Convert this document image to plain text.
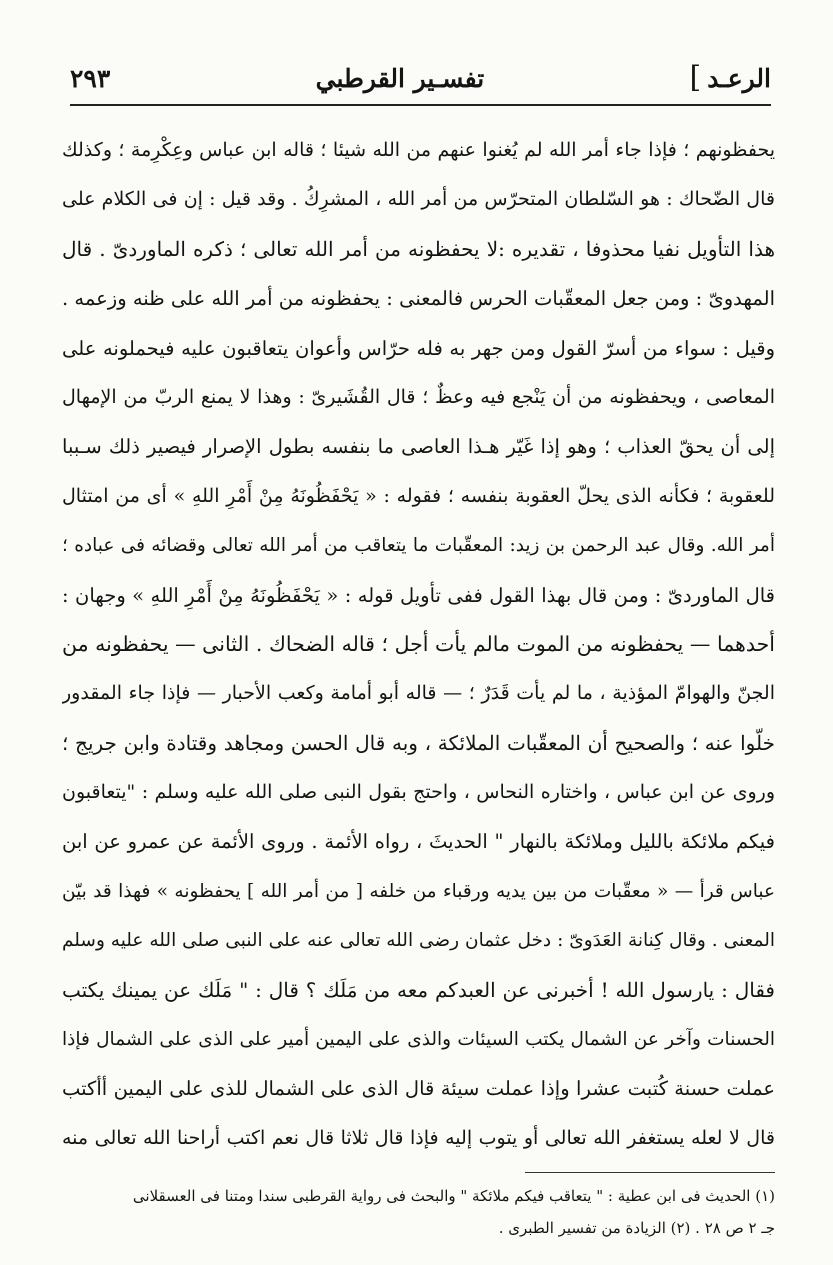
الرعـد
]
تفسـير القرطبي
٢٩٣
يحفظونهم ؛ فإذا جاء أمر الله لم يُغنوا عنهم من الله شيئا ؛ قاله ابن عباس وعِكْرِمة ؛ وكذلك
قال الضّحاك : هو السّلطان المتحرّس من أمر الله ، المشرِكُ . وقد قيل : إن فى الكلام على
هذا التأويل نفيا محذوفا ، تقديره :لا يحفظونه من أمر الله تعالى ؛ ذكره الماوردىّ . قال
المهدوىّ : ومن جعل المعقّبات الحرس فالمعنى : يحفظونه من أمر الله على ظنه وزعمه .
وقيل : سواء من أسرّ القول ومن جهر به فله حرّاس وأعوان يتعاقبون عليه فيحملونه على
المعاصى ، ويحفظونه من أن يَنْجع فيه وعظٌ ؛ قال القُشَيرىّ : وهذا لا يمنع الربّ من الإمهال
إلى أن يحقّ العذاب ؛ وهو إذا غَيّر هـذا العاصى ما بنفسه بطول الإصرار فيصير ذلك سـببا
للعقوبة ؛ فكأنه الذى يحلّ العقوبة بنفسه ؛ فقوله : « يَحْفَظُونَهُ مِنْ أَمْرِ اللهِ » أى من امتثال
أمر الله. وقال عبد الرحمن بن زيد: المعقّبات ما يتعاقب من أمر الله تعالى وقضائه فى عباده ؛
قال الماوردىّ : ومن قال بهذا القول ففى تأويل قوله : « يَحْفَظُونَهُ مِنْ أَمْرِ اللهِ » وجهان :
أحدهما — يحفظونه من الموت مالم يأت أجل ؛ قاله الضحاك . الثانى — يحفظونه من
الجنّ والهوامّ المؤذية ، ما لم يأت قَدَرٌ ؛ — قاله أبو أمامة وكعب الأحبار — فإذا جاء المقدور
خلّوا عنه ؛ والصحيح أن المعقّبات الملائكة ، وبه قال الحسن ومجاهد وقتادة وابن جريج ؛
وروى عن ابن عباس ، واختاره النحاس ، واحتج بقول النبى صلى الله عليه وسلم : "يتعاقبون
فيكم ملائكة بالليل وملائكة بالنهار " الحديثَ ، رواه الأئمة . وروى الأئمة عن عمرو عن ابن
عباس قرأ — « معقّبات من بين يديه ورقباء من خلفه [ من أمر الله ] يحفظونه » فهذا قد بيّن
المعنى . وقال كِنانة العَدَوىّ : دخل عثمان رضى الله تعالى عنه على النبى صلى الله عليه وسلم
فقال : يارسول الله ! أخبرنى عن العبدكم معه من مَلَك ؟ قال : " مَلَك عن يمينك يكتب
الحسنات وآخر عن الشمال يكتب السيئات والذى على اليمين أمير على الذى على الشمال فإذا
عملت حسنة كُتبت عشرا وإذا عملت سيئة قال الذى على الشمال للذى على اليمين أأكتب
قال لا لعله يستغفر الله تعالى أو يتوب إليه فإذا قال ثلاثا قال نعم اكتب أراحنا الله تعالى منه
(١) الحديث فى ابن عطية : " يتعاقب فيكم ملائكة " والبحث فى رواية القرطبى سندا ومتنا فى العسقلانى
جـ ٢ ص ٢٨ . (٢) الزيادة من تفسير الطبرى .
